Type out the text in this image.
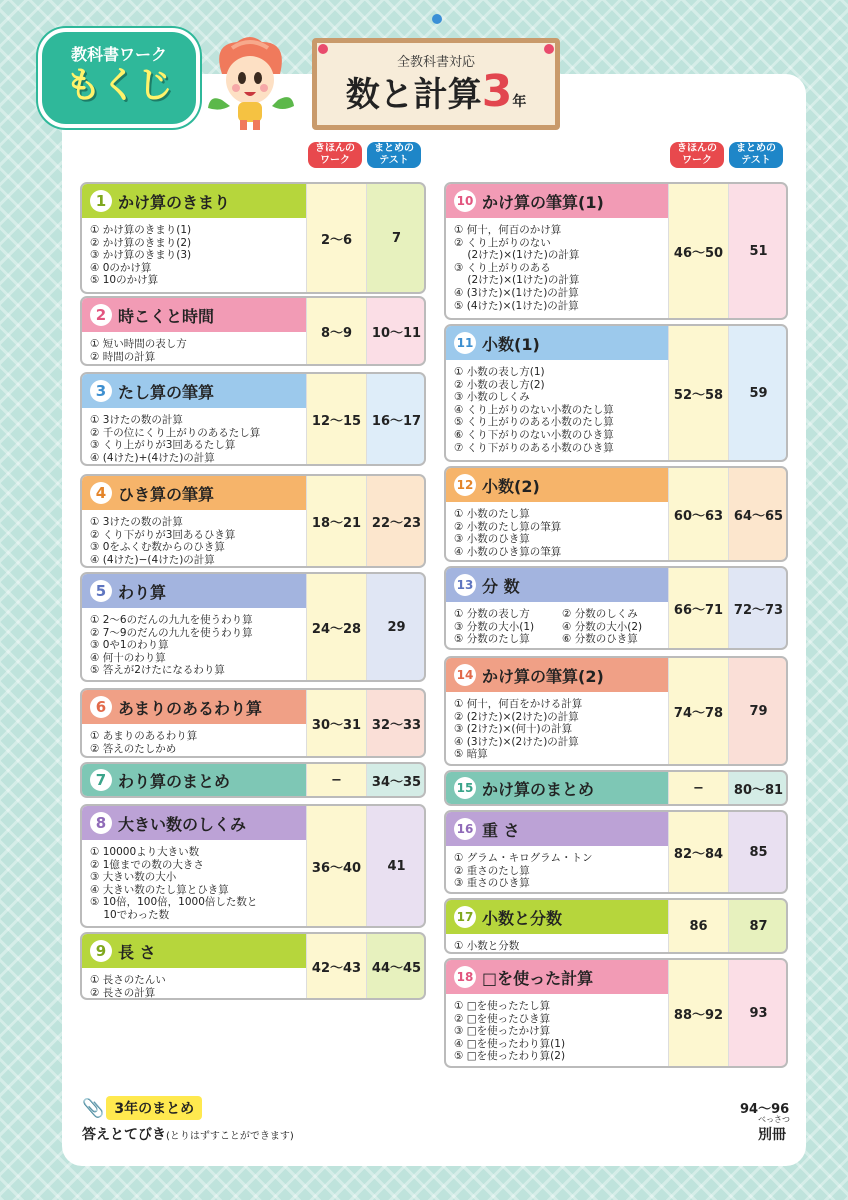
教科書ワーク
もくじ
全教科書対応
数と計算3年
きほんの
ワーク
まとめの
テスト
きほんの
ワーク
まとめの
テスト
1 かけ算のきまり
① かけ算のきまり(1)
② かけ算のきまり(2)
③ かけ算のきまり(3)
④ 0のかけ算
⑤ 10のかけ算
2〜6	7
2 時こくと時間
① 短い時間の表し方
② 時間の計算
8〜9	10〜11
3 たし算の筆算
① 3けたの数の計算
② 千の位にくり上がりのあるたし算
③ くり上がりが3回あるたし算
④ (4けた)+(4けた)の計算
12〜15 16〜17
4 ひき算の筆算
① 3けたの数の計算
② くり下がりが3回あるひき算
③ 0をふくむ数からのひき算
④ (4けた)−(4けた)の計算
18〜21 22〜23
5 わり算
① 2〜6のだんの九九を使うわり算
② 7〜9のだんの九九を使うわり算
③ 0や1のわり算
④ 何十のわり算
⑤ 答えが2けたになるわり算
24〜28	29
6 あまりのあるわり算
① あまりのあるわり算
② 答えのたしかめ
30〜31 32〜33
7 わり算のまとめ	−	34〜35
8 大きい数のしくみ
① 10000より大きい数
② 1億までの数の大きさ
③ 大きい数の大小
④ 大きい数のたし算とひき算
⑤ 10倍，100倍，1000倍した数と
10でわった数
36〜40	41
9 長 さ
① 長さのたんい
② 長さの計算
42〜43 44〜45
10 かけ算の筆算(1)
① 何十，何百のかけ算
② くり上がりのない
(2けた)×(1けた)の計算
③ くり上がりのある
(2けた)×(1けた)の計算
④ (3けた)×(1けた)の計算
⑤ (4けた)×(1けた)の計算
46〜50	51
11 小数(1)
① 小数の表し方(1)
② 小数の表し方(2)
③ 小数のしくみ
④ くり上がりのない小数のたし算
⑤ くり上がりのある小数のたし算
⑥ くり下がりのない小数のひき算
⑦ くり下がりのある小数のひき算
52〜58	59
12 小数(2)
① 小数のたし算
② 小数のたし算の筆算
③ 小数のひき算
④ 小数のひき算の筆算
60〜63 64〜65
13 分 数
① 分数の表し方	② 分数のしくみ
③ 分数の大小(1)	④ 分数の大小(2)
⑤ 分数のたし算	⑥ 分数のひき算
66〜71 72〜73
14 かけ算の筆算(2)
① 何十，何百をかける計算
② (2けた)×(2けた)の計算
③ (2けた)×(何十)の計算
④ (3けた)×(2けた)の計算
⑤ 暗算
74〜78	79
15 かけ算のまとめ	−	80〜81
16 重 さ
① グラム・キログラム・トン
② 重さのたし算
③ 重さのひき算
82〜84	85
17 小数と分数
① 小数と分数
86	87
18 □を使った計算
① □を使ったたし算
② □を使ったひき算
③ □を使ったかけ算
④ □を使ったわり算(1)
⑤ □を使ったわり算(2)
88〜92	93
📎 3年のまとめ	94〜96
答えとてびき (とりはずすことができます)
べっさつ
別冊
